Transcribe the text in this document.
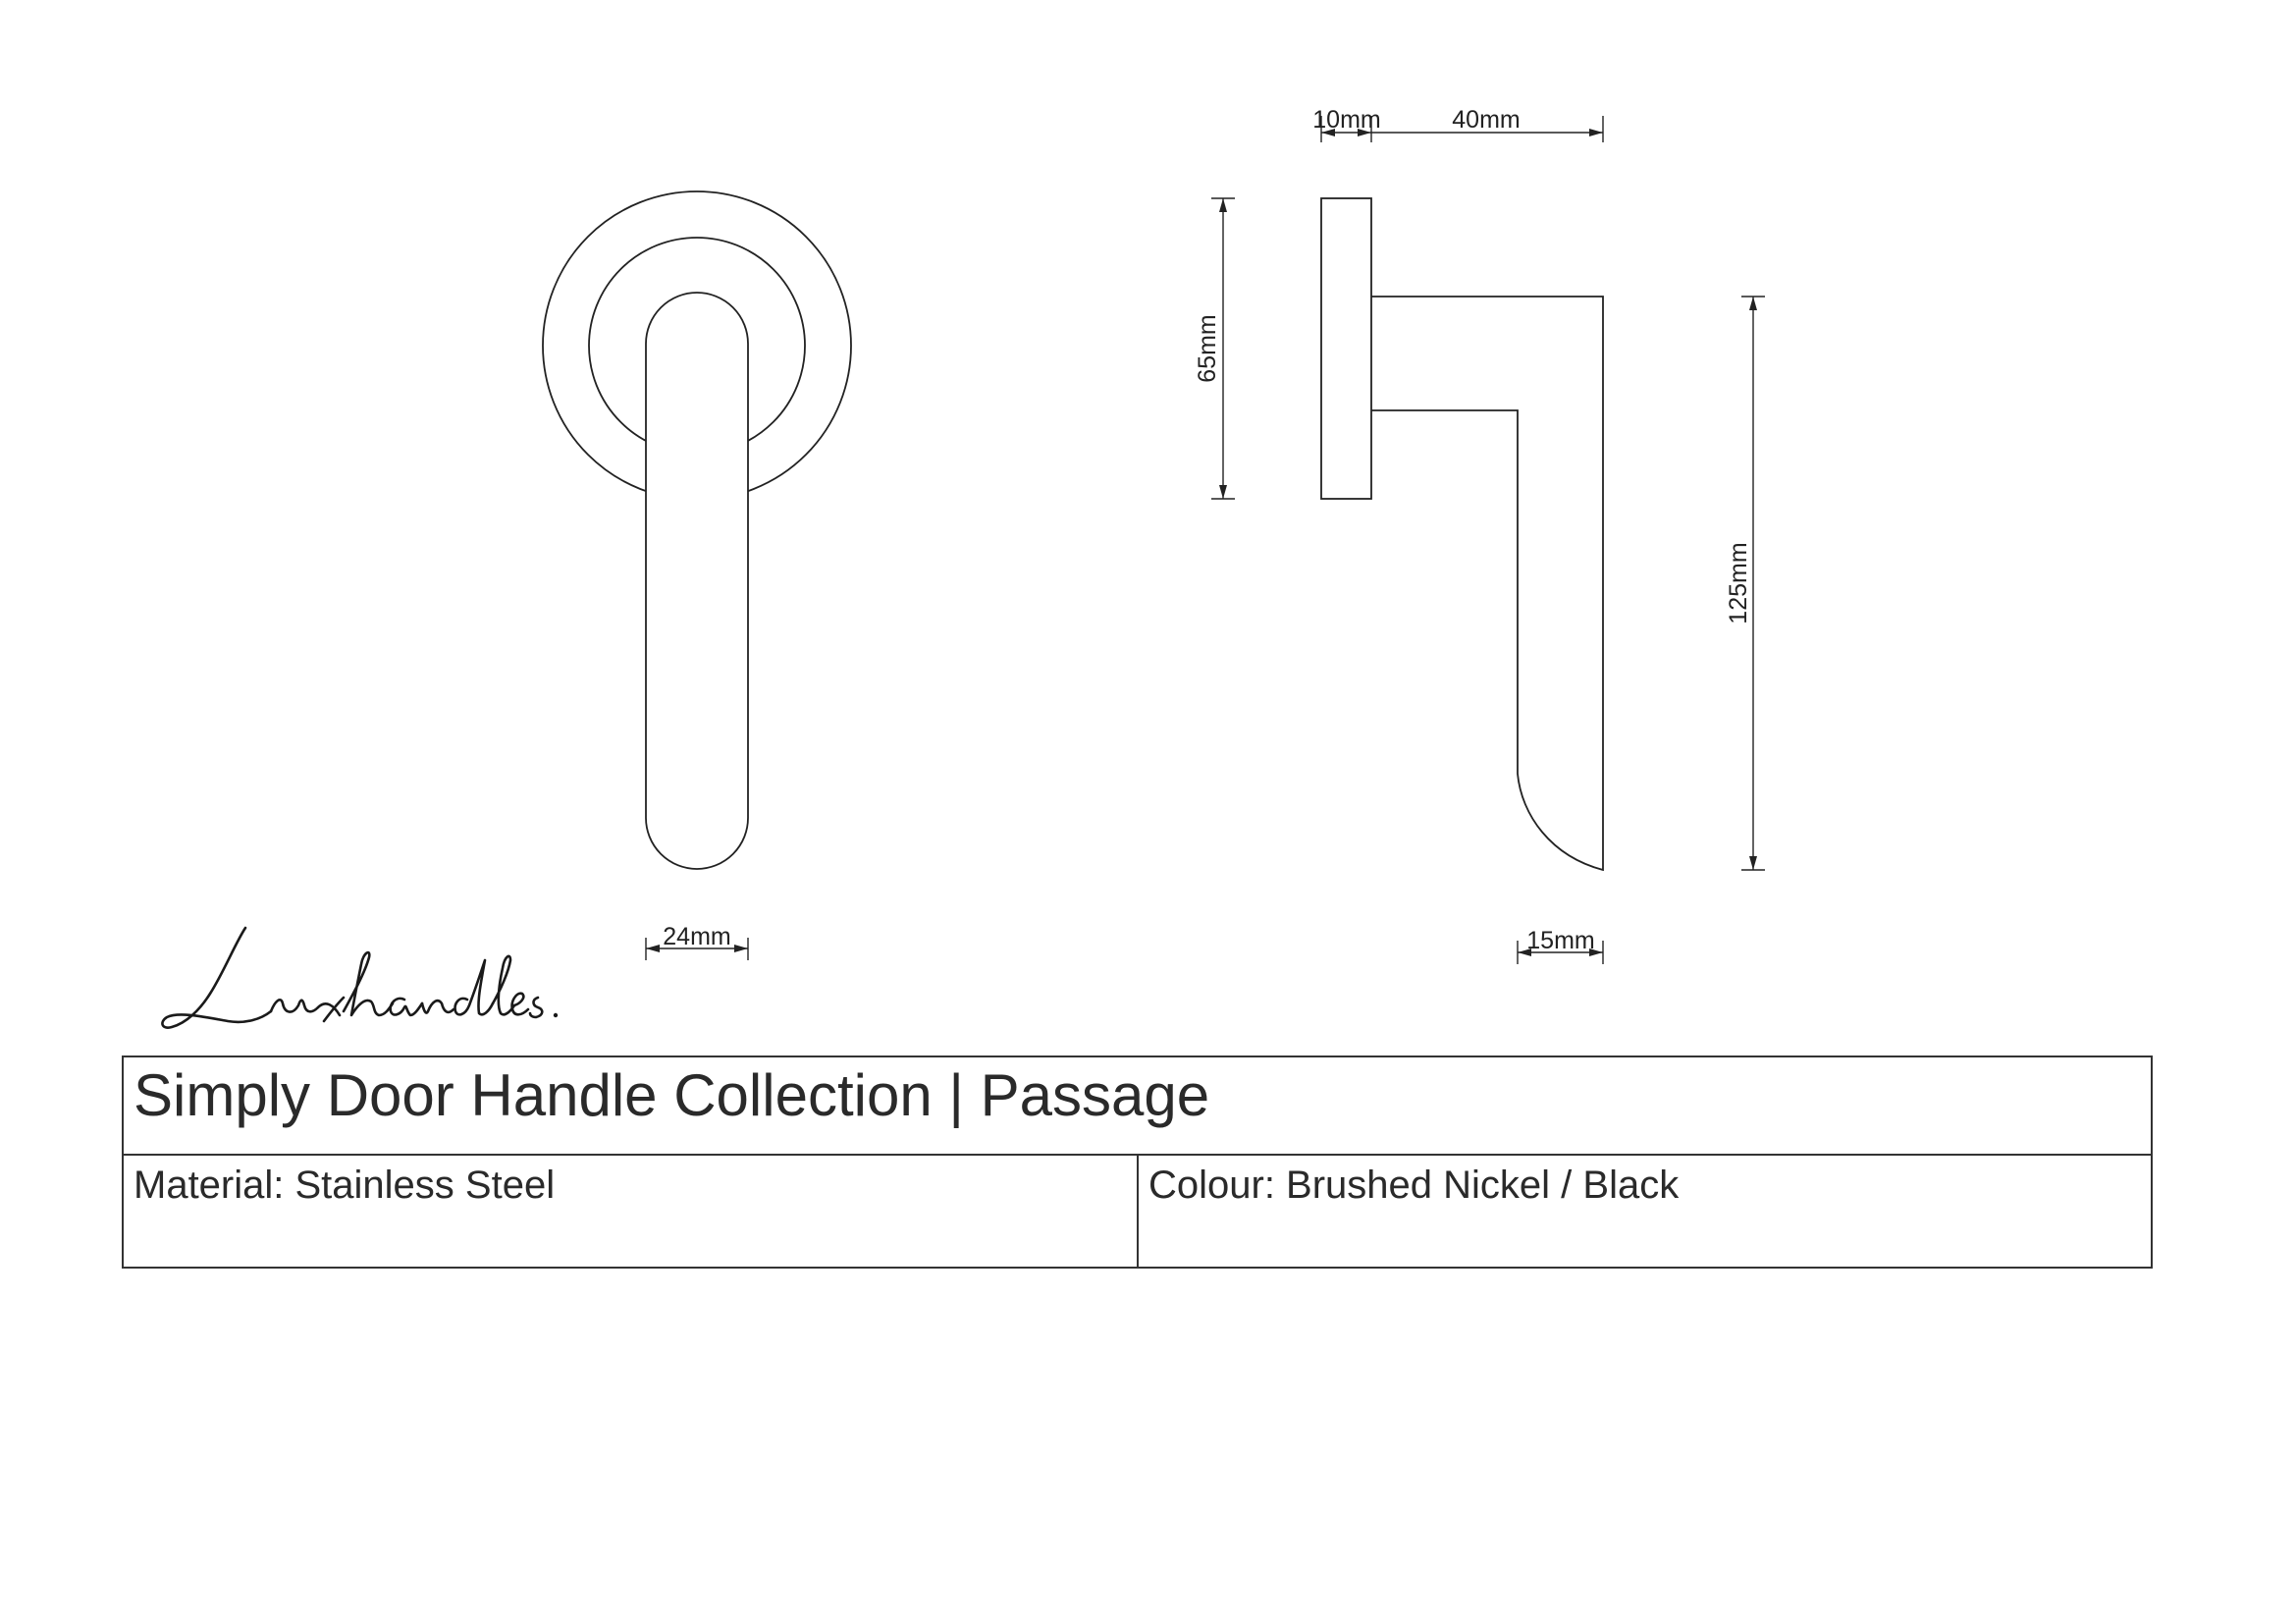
24mm
10mm	40mm
65mm
125mm
15mm
Simply Door Handle Collection | Passage
Material: Stainless Steel	Colour: Brushed Nickel / Black
